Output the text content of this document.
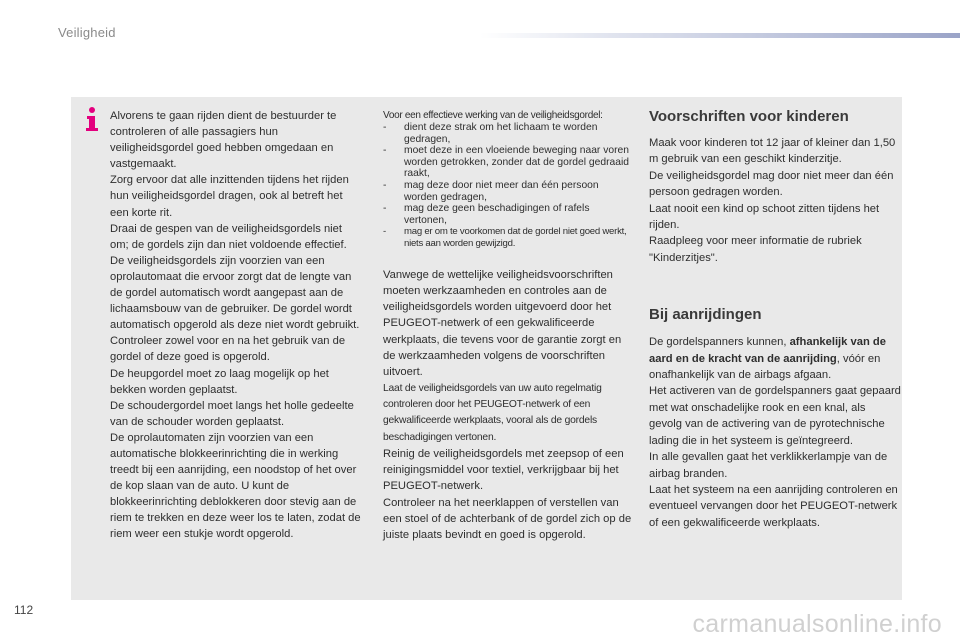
Veiligheid

Alvorens te gaan rijden dient de bestuurder te controleren of alle passagiers hun veiligheidsgordel goed hebben omgedaan en vastgemaakt.

Zorg ervoor dat alle inzittenden tijdens het rijden hun veiligheidsgordel dragen, ook al betreft het een korte rit.

Draai de gespen van de veiligheidsgordels niet om; de gordels zijn dan niet voldoende effectief.

De veiligheidsgordels zijn voorzien van een oprolautomaat die ervoor zorgt dat de lengte van de gordel automatisch wordt aangepast aan de lichaamsbouw van de gebruiker. De gordel wordt automatisch opgerold als deze niet wordt gebruikt.

Controleer zowel voor en na het gebruik van de gordel of deze goed is opgerold.

De heupgordel moet zo laag mogelijk op het bekken worden geplaatst.

De schoudergordel moet langs het holle gedeelte van de schouder worden geplaatst.

De oprolautomaten zijn voorzien van een automatische blokkeerinrichting die in werking treedt bij een aanrijding, een noodstop of het over de kop slaan van de auto. U kunt de blokkeerinrichting deblokkeren door stevig aan de riem te trekken en deze weer los te laten, zodat de riem weer een stukje wordt opgerold.

Voor een effectieve werking van de veiligheidsgordel:
- dient deze strak om het lichaam te worden gedragen,
- moet deze in een vloeiende beweging naar voren worden getrokken, zonder dat de gordel gedraaid raakt,
- mag deze door niet meer dan één persoon worden gedragen,
- mag deze geen beschadigingen of rafels vertonen,
- mag er om te voorkomen dat de gordel niet goed werkt, niets aan worden gewijzigd.

Vanwege de wettelijke veiligheidsvoorschriften moeten werkzaamheden en controles aan de veiligheidsgordels worden uitgevoerd door het PEUGEOT-netwerk of een gekwalificeerde werkplaats, die tevens voor de garantie zorgt en de werkzaamheden volgens de voorschriften uitvoert.

Laat de veiligheidsgordels van uw auto regelmatig controleren door het PEUGEOT-netwerk of een gekwalificeerde werkplaats, vooral als de gordels beschadigingen vertonen.

Reinig de veiligheidsgordels met zeepsop of een reinigingsmiddel voor textiel, verkrijgbaar bij het PEUGEOT-netwerk.

Controleer na het neerklappen of verstellen van een stoel of de achterbank of de gordel zich op de juiste plaats bevindt en goed is opgerold.

Voorschriften voor kinderen

Maak voor kinderen tot 12 jaar of kleiner dan 1,50 m gebruik van een geschikt kinderzitje.

De veiligheidsgordel mag door niet meer dan één persoon gedragen worden.

Laat nooit een kind op schoot zitten tijdens het rijden.

Raadpleeg voor meer informatie de rubriek "Kinderzitjes".

Bij aanrijdingen

De gordelspanners kunnen, afhankelijk van de aard en de kracht van de aanrijding, vóór en onafhankelijk van de airbags afgaan.

Het activeren van de gordelspanners gaat gepaard met wat onschadelijke rook en een knal, als gevolg van de activering van de pyrotechnische lading die in het systeem is geïntegreerd.

In alle gevallen gaat het verklikkerlampje van de airbag branden.

Laat het systeem na een aanrijding controleren en eventueel vervangen door het PEUGEOT-netwerk of een gekwalificeerde werkplaats.

112	carmanualsonline.info
